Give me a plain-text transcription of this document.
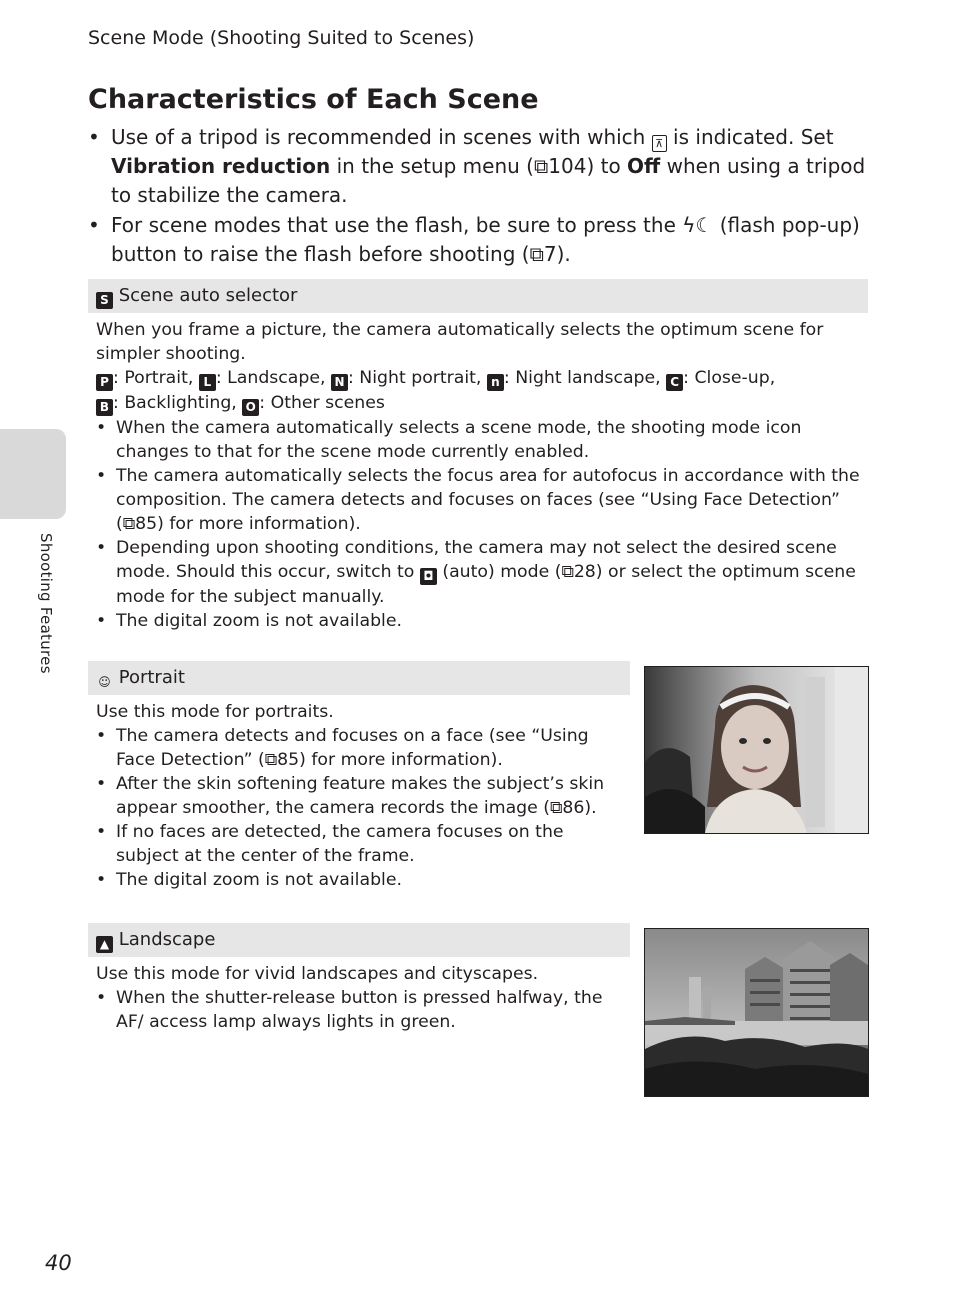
Scene Mode (Shooting Suited to Scenes)
Characteristics of Each Scene
• Use of a tripod is recommended in scenes with which ⊼ is indicated. Set Vibration reduction in the setup menu (⧉104) to Off when using a tripod to stabilize the camera.
• For scene modes that use the flash, be sure to press the ϟ☾ (flash pop-up) button to raise the flash before shooting (⧉7).
S Scene auto selector

When you frame a picture, the camera automatically selects the optimum scene for simpler shooting.

P : Portrait, L : Landscape, N : Night portrait, n : Night landscape, C : Close-up,
B : Backlighting, O : Other scenes

• When the camera automatically selects a scene mode, the shooting mode icon changes to that for the scene mode currently enabled.
• The camera automatically selects the focus area for autofocus in accordance with the composition. The camera detects and focuses on faces (see “Using Face Detection” (⧉85) for more information).
• Depending upon shooting conditions, the camera may not select the desired scene mode. Should this occur, switch to ◘ (auto) mode (⧉28) or select the optimum scene mode for the subject manually.
• The digital zoom is not available.
☺ Portrait

Use this mode for portraits.

• The camera detects and focuses on a face (see “Using Face Detection” (⧉85) for more information).
• After the skin softening feature makes the subject’s skin appear smoother, the camera records the image (⧉86).
• If no faces are detected, the camera focuses on the subject at the center of the frame.
• The digital zoom is not available.
▲ Landscape

Use this mode for vivid landscapes and cityscapes.

• When the shutter-release button is pressed halfway, the AF/ access lamp always lights in green.
Shooting Features
40
